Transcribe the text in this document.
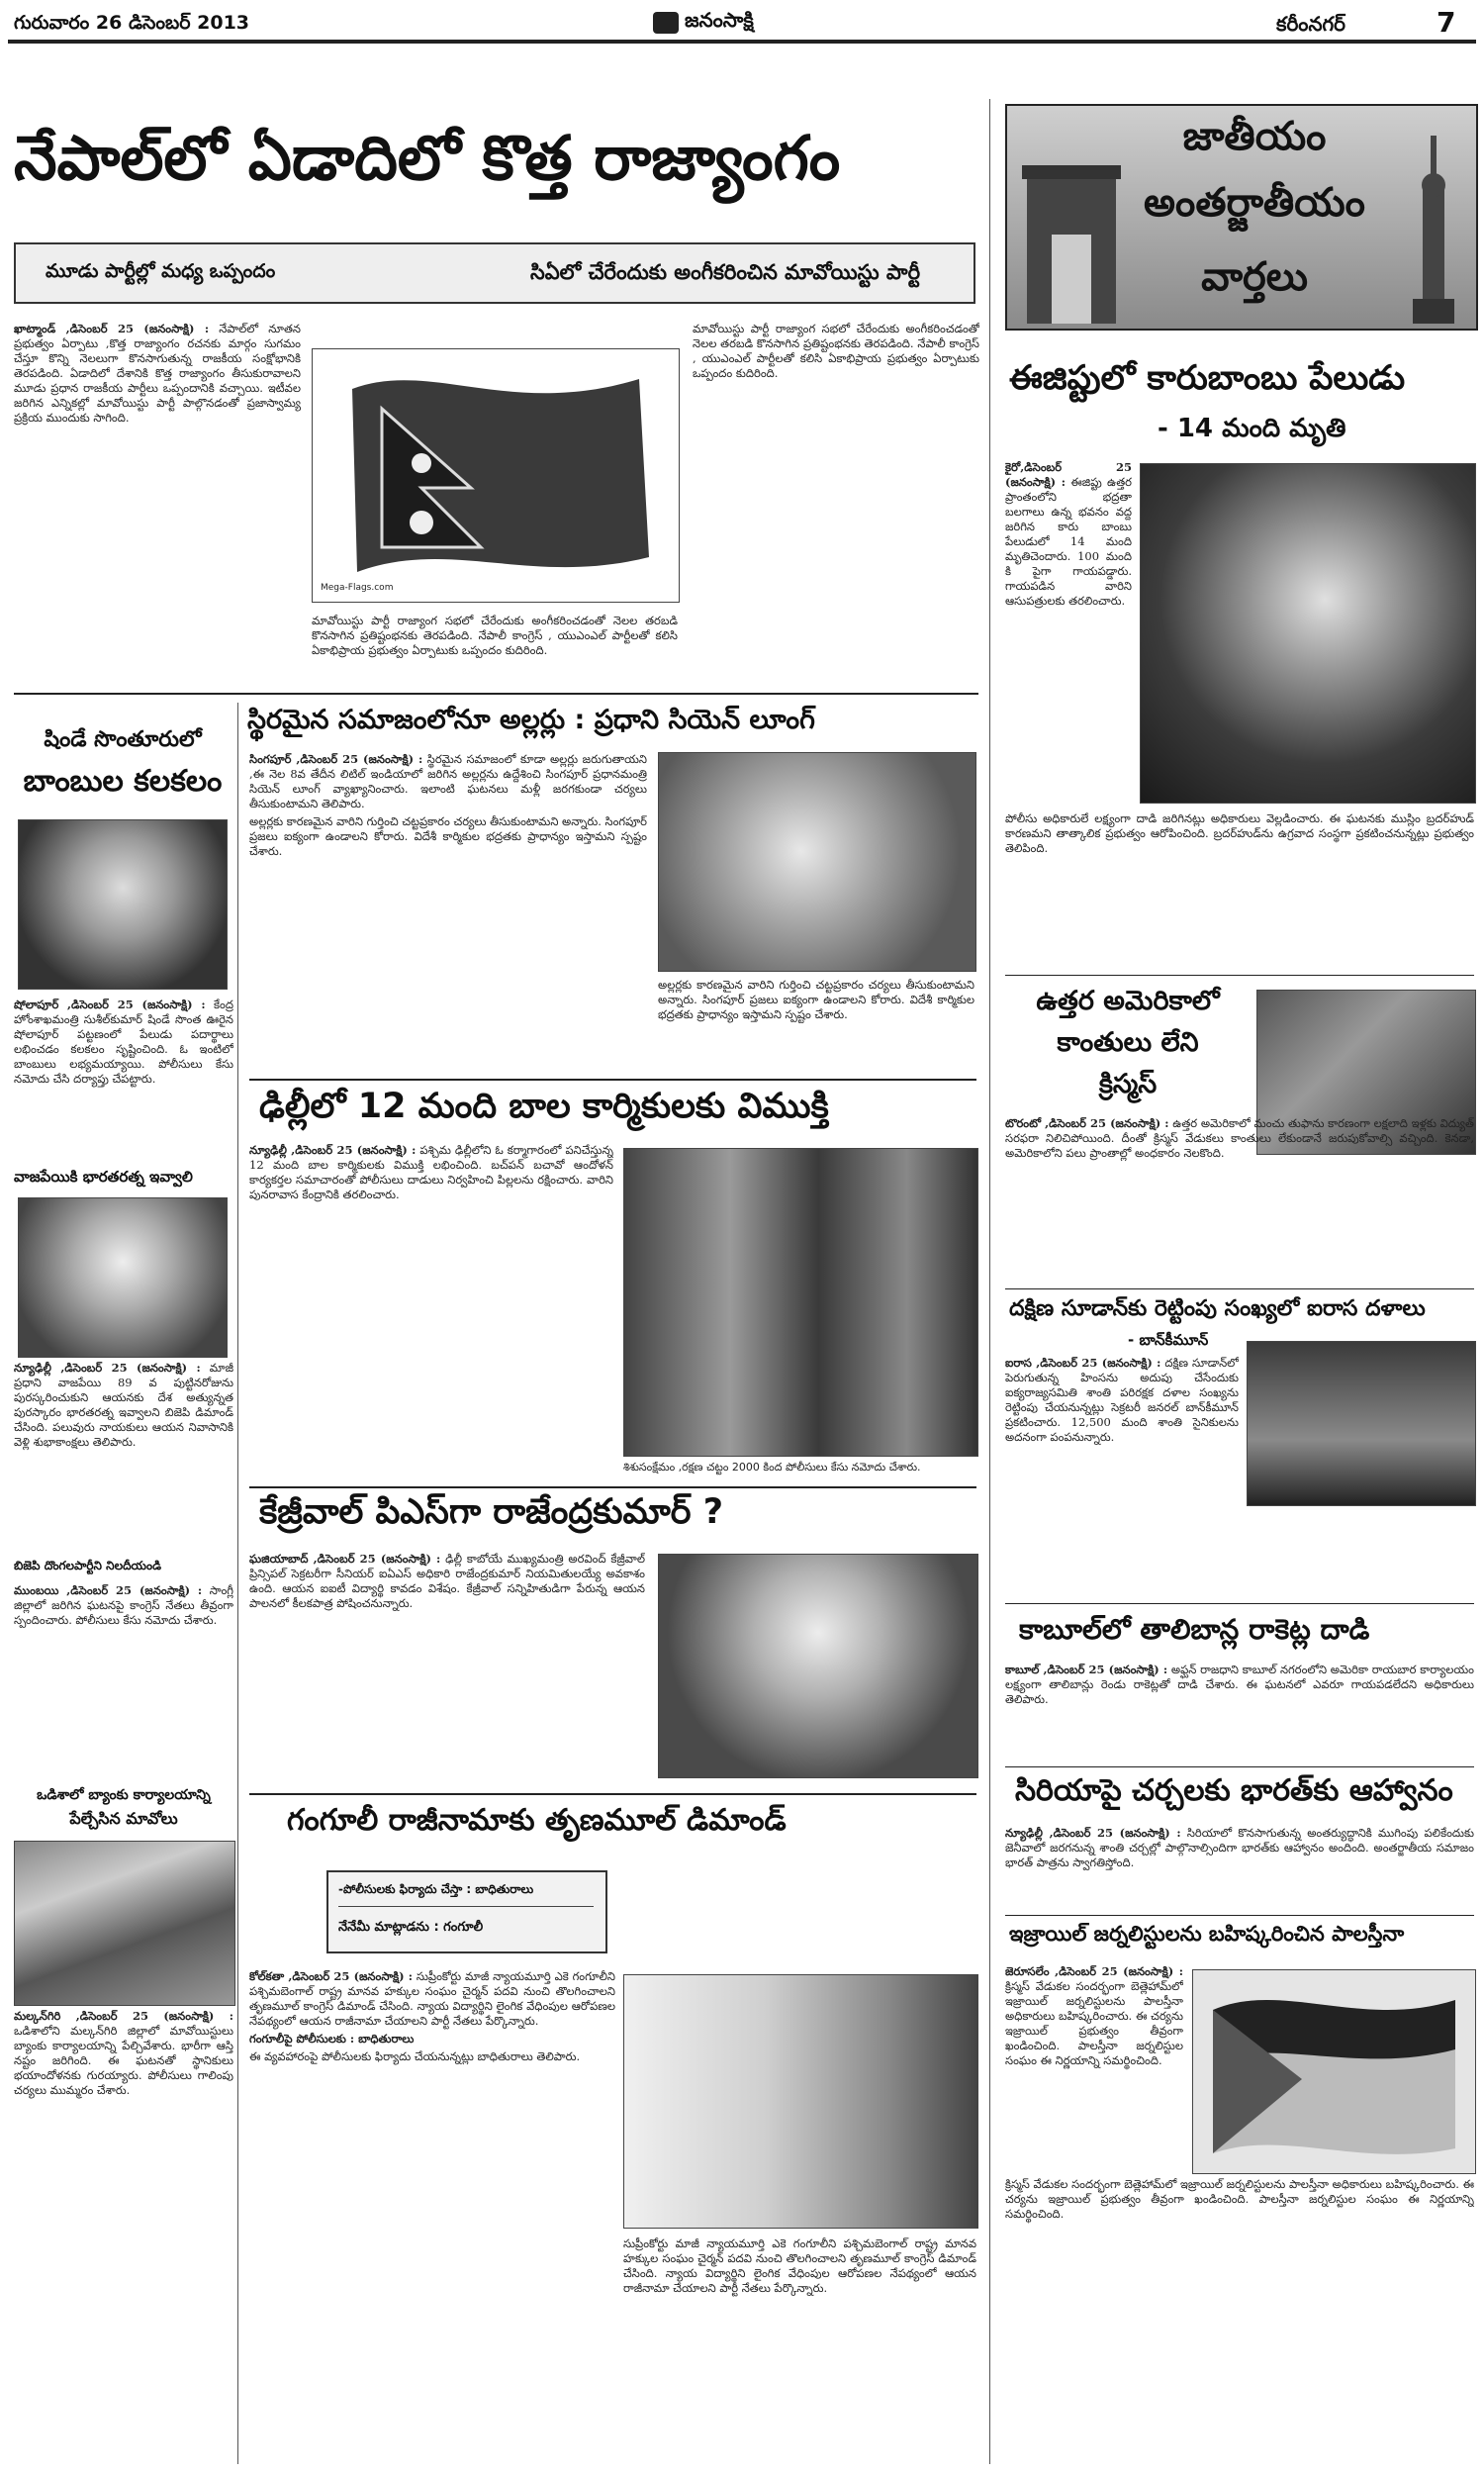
గురువారం 26 డిసెంబర్ 2013	జనంసాక్షి	కరీంనగర్	7
నేపాల్‌లో ఏడాదిలో కొత్త రాజ్యాంగం
మూడు పార్టీల్లో మధ్య ఒప్పందం	సిఏలో చేరేందుకు అంగీకరించిన మావోయిస్టు పార్టీ

ఖాట్మాండ్ ,డిసెంబర్ 25 (జనంసాక్షి) : నేపాల్‌లో నూతన ప్రభుత్వం ఏర్పాటు ,కొత్త రాజ్యాంగం రచనకు మార్గం సుగమం చేస్తూ కొన్ని నెలలుగా కొనసాగుతున్న రాజకీయ సంక్షోభానికి తెరపడింది. ఏడాదిలో దేశానికి కొత్త రాజ్యాంగం తీసుకురావాలని మూడు ప్రధాన రాజకీయ పార్టీలు ఒప్పందానికి వచ్చాయి. ఇటీవల జరిగిన ఎన్నికల్లో మావోయిస్టు పార్టీ పాల్గొనడంతో ప్రజాస్వామ్య ప్రక్రియ ముందుకు సాగింది.

Mega-Flags.com

మావోయిస్టు పార్టీ రాజ్యాంగ సభలో చేరేందుకు అంగీకరించడంతో నెలల తరబడి కొనసాగిన ప్రతిష్టంభనకు తెరపడింది. నేపాలీ కాంగ్రెస్ , యుఎంఎల్ పార్టీలతో కలిసి ఏకాభిప్రాయ ప్రభుత్వం ఏర్పాటుకు ఒప్పందం కుదిరింది.

మావోయిస్టు పార్టీ రాజ్యాంగ సభలో చేరేందుకు అంగీకరించడంతో నెలల తరబడి కొనసాగిన ప్రతిష్టంభనకు తెరపడింది. నేపాలీ కాంగ్రెస్ , యుఎంఎల్ పార్టీలతో కలిసి ఏకాభిప్రాయ ప్రభుత్వం ఏర్పాటుకు ఒప్పందం కుదిరింది.

జాతీయం
అంతర్జాతీయం
వార్తలు
ఈజిప్టులో కారుబాంబు పేలుడు
- 14 మంది మృతి

కైరో,డిసెంబర్ 25 (జనంసాక్షి) : ఈజిప్టు ఉత్తర ప్రాంతంలోని భద్రతా బలగాలు ఉన్న భవనం వద్ద జరిగిన కారు బాంబు పేలుడులో 14 మంది మృతిచెందారు. 100 మంది కి పైగా గాయపడ్డారు. గాయపడిన వారిని ఆసుపత్రులకు తరలించారు.

పోలీసు అధికారులే లక్ష్యంగా దాడి జరిగినట్లు అధికారులు వెల్లడించారు. ఈ ఘటనకు ముస్లిం బ్రదర్‌హుడ్ కారణమని తాత్కాలిక ప్రభుత్వం ఆరోపించింది. బ్రదర్‌హుడ్‌ను ఉగ్రవాద సంస్థగా ప్రకటించనున్నట్లు ప్రభుత్వం తెలిపింది.

ఉత్తర అమెరికాలో
కాంతులు లేని
క్రిస్మస్

టొరంటో ,డిసెంబర్ 25 (జనంసాక్షి) : ఉత్తర అమెరికాలో మంచు తుఫాను కారణంగా లక్షలాది ఇళ్లకు విద్యుత్ సరఫరా నిలిచిపోయింది. దీంతో క్రిస్మస్ వేడుకలు కాంతులు లేకుండానే జరుపుకోవాల్సి వచ్చింది. కెనడా, అమెరికాలోని పలు ప్రాంతాల్లో అంధకారం నెలకొంది.

దక్షిణ సూడాన్‌కు రెట్టింపు సంఖ్యలో ఐరాస దళాలు
- బాన్‌కీమూన్

ఐరాస ,డిసెంబర్ 25 (జనంసాక్షి) : దక్షిణ సూడాన్‌లో పెరుగుతున్న హింసను అదుపు చేసేందుకు ఐక్యరాజ్యసమితి శాంతి పరిరక్షక దళాల సంఖ్యను రెట్టింపు చేయనున్నట్లు సెక్రటరీ జనరల్ బాన్‌కీమూన్ ప్రకటించారు. 12,500 మంది శాంతి సైనికులను అదనంగా పంపనున్నారు.

కాబూల్‌లో తాలిబాన్ల రాకెట్ల దాడి

కాబూల్ ,డిసెంబర్ 25 (జనంసాక్షి) : అఫ్ఘన్ రాజధాని కాబూల్ నగరంలోని అమెరికా రాయబార కార్యాలయం లక్ష్యంగా తాలిబాన్లు రెండు రాకెట్లతో దాడి చేశారు. ఈ ఘటనలో ఎవరూ గాయపడలేదని అధికారులు తెలిపారు.

సిరియాపై చర్చలకు భారత్‌కు ఆహ్వానం

న్యూఢిల్లీ ,డిసెంబర్ 25 (జనంసాక్షి) : సిరియాలో కొనసాగుతున్న అంతర్యుద్ధానికి ముగింపు పలికేందుకు జెనీవాలో జరగనున్న శాంతి చర్చల్లో పాల్గొనాల్సిందిగా భారత్‌కు ఆహ్వానం అందింది. అంతర్జాతీయ సమాజం భారత్ పాత్రను స్వాగతిస్తోంది.

ఇజ్రాయిల్ జర్నలిస్టులను బహిష్కరించిన పాలస్తీనా

జెరూసలేం ,డిసెంబర్ 25 (జనంసాక్షి) : క్రిస్మస్ వేడుకల సందర్భంగా బెత్లెహామ్‌లో ఇజ్రాయిల్ జర్నలిస్టులను పాలస్తీనా అధికారులు బహిష్కరించారు. ఈ చర్యను ఇజ్రాయిల్ ప్రభుత్వం తీవ్రంగా ఖండించింది. పాలస్తీనా జర్నలిస్టుల సంఘం ఈ నిర్ణయాన్ని సమర్థించింది.

క్రిస్మస్ వేడుకల సందర్భంగా బెత్లెహామ్‌లో ఇజ్రాయిల్ జర్నలిస్టులను పాలస్తీనా అధికారులు బహిష్కరించారు. ఈ చర్యను ఇజ్రాయిల్ ప్రభుత్వం తీవ్రంగా ఖండించింది. పాలస్తీనా జర్నలిస్టుల సంఘం ఈ నిర్ణయాన్ని సమర్థించింది.

షిండే సొంతూరులో
బాంబుల కలకలం

షోలాపూర్ ,డిసెంబర్ 25 (జనంసాక్షి) : కేంద్ర హోంశాఖమంత్రి సుశీల్‌కుమార్ షిండే సొంత ఊరైన షోలాపూర్ పట్టణంలో పేలుడు పదార్థాలు లభించడం కలకలం సృష్టించింది. ఓ ఇంటిలో బాంబులు లభ్యమయ్యాయి. పోలీసులు కేసు నమోదు చేసి దర్యాప్తు చేపట్టారు.

వాజపేయికి భారతరత్న ఇవ్వాలి

న్యూఢిల్లీ ,డిసెంబర్ 25 (జనంసాక్షి) : మాజీ ప్రధాని వాజపేయి 89 వ పుట్టినరోజును పురస్కరించుకుని ఆయనకు దేశ అత్యున్నత పురస్కారం భారతరత్న ఇవ్వాలని బిజెపి డిమాండ్ చేసింది. పలువురు నాయకులు ఆయన నివాసానికి వెళ్లి శుభాకాంక్షలు తెలిపారు.

బిజెపి దొంగలపార్టీని నిలదీయండి

ముంబయి ,డిసెంబర్ 25 (జనంసాక్షి) : సాంగ్లీ జిల్లాలో జరిగిన ఘటనపై కాంగ్రెస్ నేతలు తీవ్రంగా స్పందించారు. పోలీసులు కేసు నమోదు చేశారు.

ఒడిశాలో బ్యాంకు కార్యాలయాన్ని
పేల్చేసిన మావోలు

మల్కన్‌గిరి ,డిసెంబర్ 25 (జనంసాక్షి) : ఒడిశాలోని మల్కన్‌గిరి జిల్లాలో మావోయిస్టులు బ్యాంకు కార్యాలయాన్ని పేల్చివేశారు. భారీగా ఆస్తి నష్టం జరిగింది. ఈ ఘటనతో స్థానికులు భయాందోళనకు గురయ్యారు. పోలీసులు గాలింపు చర్యలు ముమ్మరం చేశారు.

స్థిరమైన సమాజంలోనూ అల్లర్లు : ప్రధాని సియెన్ లూంగ్

సింగపూర్ ,డిసెంబర్ 25 (జనంసాక్షి) : స్థిరమైన సమాజంలో కూడా అల్లర్లు జరుగుతాయని ,ఈ నెల 8వ తేదీన లిటిల్ ఇండియాలో జరిగిన అల్లర్లను ఉద్దేశించి సింగపూర్ ప్రధానమంత్రి సియెన్ లూంగ్ వ్యాఖ్యానించారు. ఇలాంటి ఘటనలు మళ్లీ జరగకుండా చర్యలు తీసుకుంటామని తెలిపారు.

అల్లర్లకు కారణమైన వారిని గుర్తించి చట్టప్రకారం చర్యలు తీసుకుంటామని అన్నారు. సింగపూర్ ప్రజలు ఐక్యంగా ఉండాలని కోరారు. విదేశీ కార్మికుల భద్రతకు ప్రాధాన్యం ఇస్తామని స్పష్టం చేశారు.

అల్లర్లకు కారణమైన వారిని గుర్తించి చట్టప్రకారం చర్యలు తీసుకుంటామని అన్నారు. సింగపూర్ ప్రజలు ఐక్యంగా ఉండాలని కోరారు. విదేశీ కార్మికుల భద్రతకు ప్రాధాన్యం ఇస్తామని స్పష్టం చేశారు.

ఢిల్లీలో 12 మంది బాల కార్మికులకు విముక్తి

న్యూఢిల్లీ ,డిసెంబర్ 25 (జనంసాక్షి) : పశ్చిమ ఢిల్లీలోని ఓ కర్మాగారంలో పనిచేస్తున్న 12 మంది బాల కార్మికులకు విముక్తి లభించింది. బచ్‌పన్ బచావో ఆందోళన్ కార్యకర్తల సమాచారంతో పోలీసులు దాడులు నిర్వహించి పిల్లలను రక్షించారు. వారిని పునరావాస కేంద్రానికి తరలించారు.

శిశుసంక్షేమం ,రక్షణ చట్టం 2000 కింద పోలీసులు కేసు నమోదు చేశారు.
కేజ్రీవాల్ పిఎస్‌గా రాజేంద్రకుమార్ ?

ఘజియాబాద్ ,డిసెంబర్ 25 (జనంసాక్షి) : ఢిల్లీ కాబోయే ముఖ్యమంత్రి అరవింద్ కేజ్రీవాల్ ప్రిన్సిపల్ సెక్రటరీగా సీనియర్ ఐఏఎస్ అధికారి రాజేంద్రకుమార్ నియమితులయ్యే అవకాశం ఉంది. ఆయన ఐఐటీ విద్యార్థి కావడం విశేషం. కేజ్రీవాల్ సన్నిహితుడిగా పేరున్న ఆయన పాలనలో కీలకపాత్ర పోషించనున్నారు.

గంగూలీ రాజీనామాకు తృణమూల్ డిమాండ్
-పోలీసులకు ఫిర్యాదు చేస్తా : బాధితురాలు
నేనేమీ మాట్లాడను : గంగూలీ

కోల్‌కతా ,డిసెంబర్ 25 (జనంసాక్షి) : సుప్రీంకోర్టు మాజీ న్యాయమూర్తి ఎకె గంగూలీని పశ్చిమబెంగాల్ రాష్ట్ర మానవ హక్కుల సంఘం చైర్మన్ పదవి నుంచి తొలగించాలని తృణమూల్ కాంగ్రెస్ డిమాండ్ చేసింది. న్యాయ విద్యార్థిని లైంగిక వేధింపుల ఆరోపణల నేపథ్యంలో ఆయన రాజీనామా చేయాలని పార్టీ నేతలు పేర్కొన్నారు.

గంగూలీపై పోలీసులకు : బాధితురాలు

ఈ వ్యవహారంపై పోలీసులకు ఫిర్యాదు చేయనున్నట్లు బాధితురాలు తెలిపారు.

సుప్రీంకోర్టు మాజీ న్యాయమూర్తి ఎకె గంగూలీని పశ్చిమబెంగాల్ రాష్ట్ర మానవ హక్కుల సంఘం చైర్మన్ పదవి నుంచి తొలగించాలని తృణమూల్ కాంగ్రెస్ డిమాండ్ చేసింది. న్యాయ విద్యార్థిని లైంగిక వేధింపుల ఆరోపణల నేపథ్యంలో ఆయన రాజీనామా చేయాలని పార్టీ నేతలు పేర్కొన్నారు.
